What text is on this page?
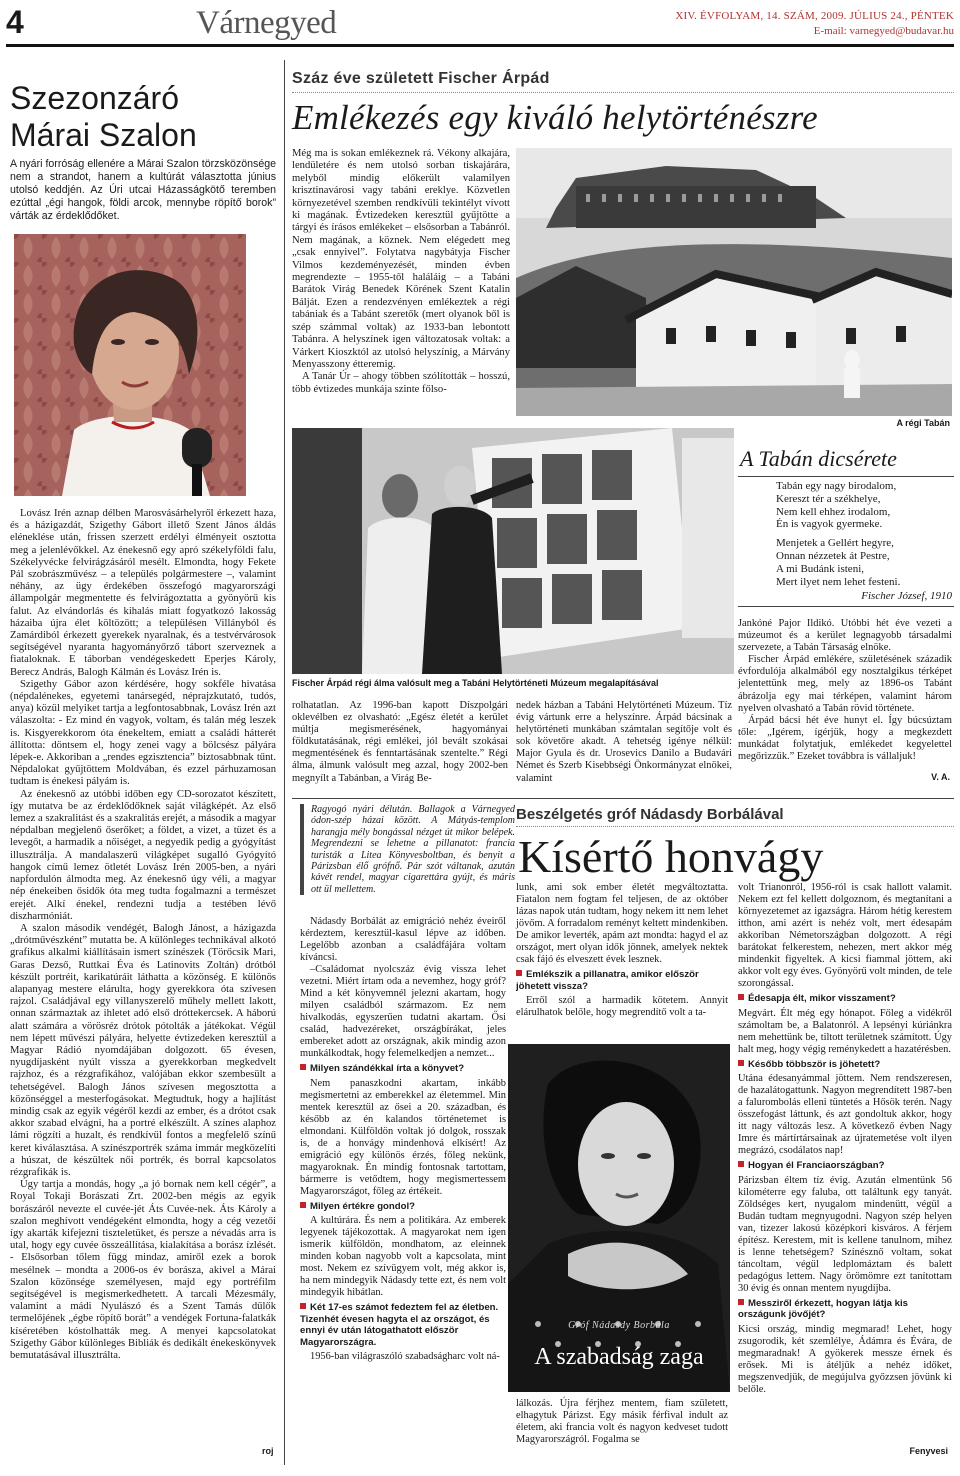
4	Várnegyed	XIV. ÉVFOLYAM, 14. SZÁM, 2009. JÚLIUS 24., PÉNTEK
E-mail: varnegyed@budavar.hu
Szezonzáró
Márai Szalon

A nyári forróság ellenére a Márai Szalon törzsközönsége nem a strandot, hanem a kultúrát választotta június utolsó keddjén. Az Úri utcai Házasságkötő teremben ezúttal „égi hangok, földi arcok, mennybe röpítő borok” várták az érdeklődőket.

Lovász Irén aznap délben Marosvásárhelyről érkezett haza, és a házigazdát, Szigethy Gábort illető Szent János áldás eléneklése után, frissen szerzett erdélyi élményeit osztotta meg a jelenlévőkkel. Az énekesnő egy apró székelyföldi falu, Székelyvécke felvirágzásáról mesélt. Elmondta, hogy Fekete Pál szobrászművész – a település polgármestere –, valamint néhány, az ügy érdekében összefogó magyarországi állampolgár megmentette és felvirágoztatta a gyönyörű kis falut. Az elvándorlás és kihalás miatt fogyatkozó lakosság házaiba újra élet költözött; a településen Villányból és Zamárdiból érkezett gyerekek nyaralnak, és a testvérvárosok segítségével nyaranta hagyományőrző tábort szerveznek a fiataloknak. E táborban vendégeskedett Eperjes Károly, Berecz András, Balogh Kálmán és Lovász Irén is.

Szigethy Gábor azon kérdésére, hogy sokféle hivatása (népdalénekes, egyetemi tanársegéd, néprajzkutató, tudós, anya) közül melyiket tartja a legfontosabbnak, Lovász Irén azt válaszolta: - Ez mind én vagyok, voltam, és talán még leszek is. Kisgyerekkorom óta énekeltem, emiatt a családi hátterét állította: döntsem el, hogy zenei vagy a bölcsész pályára lépek-e. Akkoriban a „rendes egzisztencia” biztosabbnak tűnt. Népdalokat gyűjtöttem Moldvában, és ezzel párhuzamosan tudtam is énekesi pályám is.

Az énekesnő az utóbbi időben egy CD-sorozatot készített, így mutatva be az érdeklődőknek saját világképét. Az első lemez a szakralitást és a szakralitás erejét, a második a magyar népdalban megjelenő őserőket; a földet, a vizet, a tüzet és a levegőt, a harmadik a nőiséget, a negyedik pedig a gyógyítást illusztrálja. A mandalaszerű világképet sugalló Gyógyító hangok című lemez ötletét Lovász Irén 2005-ben, a nyári napfordulón álmodta meg. Az énekesnő úgy véli, a magyar nép énekeiben ősidők óta meg tudta fogalmazni a természet erejét. Alkí énekel, rendezni tudja a testében lévő diszharmóniát.

A szalon második vendégét, Balogh Jánost, a házigazda „drótművészként” mutatta be. A különleges technikával alkotó grafikus alkalmi kiállításain ismert színészek (Törőcsik Mari, Garas Dezső, Ruttkai Éva és Latinovits Zoltán) drótból készült portréit, karikatúráit láthatta a közönség. E különös alapanyag mestere elárulta, hogy gyerekkora óta szívesen rajzol. Családjával egy villanyszerelő műhely mellett lakott, onnan származtak az ihletet adó első dróttekercsek. A háború alatt számára a vörösréz drótok pótolták a játékokat. Végül nem lépett művészi pályára, helyette évtizedeken keresztül a Magyar Rádió nyomdájában dolgozott. 65 évesen, nyugdíjasként nyúlt vissza a gyerekkorban megkedvelt rajzhoz, és a rézgrafikához, valójában ekkor szembesült a tehetségével. Balogh János szívesen megosztotta a közönséggel a mesterfogásokat. Megtudtuk, hogy a hajlítást mindig csak az egyik végéről kezdi az ember, és a drótot csak akkor szabad elvágni, ha a portré elkészült. A színes alaphoz lámi rögzíti a huzalt, és rendkívül fontos a megfelelő színű keret kiválasztása. A színészportrék száma immár megközelíti a húszat, de készültek női portrék, és borral kapcsolatos rézgrafikák is.

Úgy tartja a mondás, hogy „a jó bornak nem kell cégér”, a Royal Tokaji Borászati Zrt. 2002-ben mégis az egyik borászáról nevezte el cuvée-jét Áts Cuvée-nek. Áts Károly a szalon meghívott vendégeként elmondta, hogy a cég vezetői így akarták kifejezni tiszteletüket, és persze a névadás arra is utal, hogy egy cuvée összeállítása, kialakítása a borász ízlését. - Elsősorban tőlem függ mindaz, amiről ezek a borok mesélnek – mondta a 2006-os év borásza, akivel a Márai Szalon közönsége személyesen, majd egy portréfilm segítségével is megismerkedhetett. A tarcali Mézesmály, valamint a mádi Nyulászó és a Szent Tamás dűlők termelőjének „égbe röpítő borát” a vendégek Fortuna-falatkák kíséretében kóstolhatták meg. A menyei kapcsolatokat Szigethy Gábor különleges Bibliák és dedikált énekeskönyvek bemutatásával illusztrálta.

roj
Száz éve született Fischer Árpád
Emlékezés egy kiváló helytörténészre

Még ma is sokan emlékeznek rá. Vékony alkajára, lendületére és nem utolsó sorban tiskajárára, melyből mindig előkerült valamilyen krisztinavárosi vagy tabáni ereklye. Közvetlen környezetével szemben rendkívüli tekintélyt vívott ki magának. Évtizedeken keresztül gyűjtötte a tárgyi és írásos emlékeket – elsősorban a Tabánról. Nem magának, a köznek. Nem elégedett meg „csak ennyivel”. Folytatva nagybátyja Fischer Vilmos kezdeményezését, minden évben megrendezte – 1955-től haláláig – a Tabáni Barátok Virág Benedek Körének Szent Katalin Bálját. Ezen a rendezvényen emlékeztek a régi tabániak és a Tabánt szeretők (mert olyanok ből is szép számmal voltak) az 1933-ban lebontott Tabánra. A helyszínek igen változatosak voltak: a Várkert Kioszktól az utolsó helyszínig, a Márvány Menyasszony étteremig.

A Tanár Úr – ahogy többen szólították – hosszú, több évtizedes munkája szinte főlso-

A régi Tabán
Fischer Árpád régi álma valósult meg a Tabáni Helytörténeti Múzeum megalapításával
A Tabán dicsérete
Tabán egy nagy birodalom,
Kereszt tér a székhelye,
Nem kell ehhez irodalom,
Én is vagyok gyermeke.
Menjetek a Gellért hegyre,
Onnan nézzetek át Pestre,
A mi Budánk isteni,
Mert ilyet nem lehet festeni.
Fischer József, 1910

Jankóné Pajor Ildikó. Utóbbi hét éve vezeti a múzeumot és a kerület legnagyobb társadalmi szervezete, a Tabán Társaság elnöke.

Fischer Árpád emlékére, születésének századik évfordulója alkalmából egy nosztalgikus térképet jelentettünk meg, mely az 1896-os Tabánt ábrázolja egy mai térképen, valamint három nyelven olvasható a Tabán rövid története.

Árpád bácsi hét éve hunyt el. Így búcsúztam tőle: „Igérem, ígérjük, hogy a megkezdett munkádat folytatjuk, emlékedet kegyelettel megőrizzük.” Ezeket továbbra is vállaljuk!

V. A.

rolhatatlan. Az 1996-ban kapott Díszpolgári oklevélben ez olvasható: „Egész életét a kerület múltja megismerésének, hagyományai földkutatásának, régi emlékei, jól bevált szokásai megmentésének és fenntartásának szentelte.” Régi álma, álmunk valósult meg azzal, hogy 2002-ben megnyílt a Tabánban, a Virág Be-

nedek házban a Tabáni Helytörténeti Múzeum. Tíz évig vártunk erre a helyszínre. Árpád bácsinak a helytörténeti munkában számtalan segítője volt és sok követőre akadt. A tehetség igénye nélkül: Major Gyula és dr. Urosevics Danilo a Budavári Német és Szerb Kisebbségi Önkormányzat elnökei, valamint

Ragyogó nyári délután. Ballagok a Várnegyed ódon-szép házai között. A Mátyás-templom harangja mély bongással nézget út mikor belépek. Megrendezni se lehetne a pillanatot: francia turisták a Litea Könyvesboltban, és benyit a Párizsban élő grófnő. Pár szót váltanak, azután kávét rendel, magyar cigarettára gyújt, és máris ott ül mellettem.

Beszélgetés gróf Nádasdy Borbálával
Kísértő honvágy

Nádasdy Borbálát az emigráció nehéz éveiről kérdeztem, keresztül-kasul lépve az időben. Legelőbb azonban a családfájára voltam kíváncsi.

–Családomat nyolcszáz évig vissza lehet vezetni. Miért írtam oda a nevemhez, hogy gróf? Mind a két könyvemnél jelezni akartam, hogy milyen családból származom. Ez nem hivalkodás, egyszerűen tudatni akartam. Ősi család, hadvezéreket, országbírákat, jeles embereket adott az országnak, akik mindig azon munkálkodtak, hogy felemelkedjen a nemzet...

Milyen szándékkal írta a könyvet?

Nem panaszkodni akartam, inkább megismertetni az emberekkel az életemmel. Min mentek keresztül az ősei a 20. században, és később az én kalandos történetemet is elmondani. Külföldön voltak jó dolgok, rosszak is, de a honvágy mindenhová elkísért! Az emigráció egy különös érzés, főleg nekünk, magyaroknak. Én mindig fontosnak tartottam, bármerre is vetődtem, hogy megismertessem Magyarországot, főleg az értékeit.

Milyen értékre gondol?

A kultúrára. És nem a politikára. Az emberek legyenek tájékozottak. A magyarokat nem igen ismerik külföldön, mondhatom, az eleinnek minden koban nagyobb volt a kapcsolata, mint most. Nekem ez szívügyem volt, még akkor is, ha nem mindegyik Nádasdy tette ezt, és nem volt mindegyik hibátlan.

Két 17-es számot fedeztem fel az életben. Tizenhét évesen hagyta el az országot, és ennyi év után látogathatott először Magyarországra.

1956-ban világraszóló szabadságharc volt ná-

lunk, ami sok ember életét megváltoztatta. Fiatalon nem fogtam fel teljesen, de az október lázas napok után tudtam, hogy nekem itt nem lehet jövőm. A forradalom reményt keltett mindenkiben. De amikor leverték, apám azt mondta: hagyd el az országot, mert olyan idők jönnek, amelyek nektek csak fájó és elveszett évek lesznek.

Emlékszik a pillanatra, amikor először jöhetett vissza?

Erről szól a harmadik kötetem. Annyit elárulhatok belőle, hogy megrendítő volt a ta-

Gróf Nádasdy Borbála
A szabadság zaga

lálkozás. Újra férjhez mentem, fiam született, elhagytuk Párizst. Egy másik férfival indult az életem, aki francia volt és nagyon kedveset tudott Magyarországról. Fogalma se

volt Trianonról, 1956-ról is csak hallott valamit. Nekem ezt fel kellett dolgoznom, és megtanítani a környezetemet az igazságra. Három hétig kerestem itthon, ami azért is nehéz volt, mert édesapám akkoriban Németországban dolgozott. A régi barátokat felkerestem, nehezen, mert akkor még mindenkit figyeltek. A kicsi fiammal jöttem, aki akkor volt egy éves. Gyönyörű volt minden, de tele szorongással.

Édesapja élt, mikor visszament?

Megvárt. Élt még egy hónapot. Főleg a vidékről számoltam be, a Balatonról. A lepsényi kúriánkra nem mehettünk be, tiltott területnek számított. Úgy halt meg, hogy végig reménykedett a hazatérésben.

Később többször is jöhetett?

Utána édesanyámmal jöttem. Nem rendszeresen, de hazalátogattunk. Nagyon megrendített 1987-ben a falurombolás elleni tüntetés a Hősök terén. Nagy összefogást láttunk, és azt gondoltuk akkor, hogy itt nagy változás lesz. A következő évben Nagy Imre és mártírtársainak az újratemetése volt ilyen megrázó, csodálatos nap!

Hogyan él Franciaországban?

Párizsban éltem tíz évig. Azután elmentünk 56 kilométerre egy faluba, ott találtunk egy tanyát. Zöldséges kert, nyugalom mindenütt, végül a Budán tudtam megnyugodni. Nagyon szép helyen van, tizezer lakosú középkori kisváros. A férjem építész. Kerestem, mit is kellene tanulnom, mihez is lenne tehetségem? Színésznő voltam, sokat táncoltam, végül ledplomáztam és balett pedagógus lettem. Nagy örömömre ezt tanítottam 30 évig és onnan mentem nyugdíjba.

Messziről érkezett, hogyan látja kis országunk jövőjét?

Kicsi ország, mindig megmarad! Lehet, hogy zsugorodik, két szemlélye, Ádámra és Évára, de megmaradnak! A gyökerek messze érnek és erősek. Mi is átéljük a nehéz időket, megszenvedjük, de megújulva győzzsen jövünk ki belőle.

Fenyvesi
